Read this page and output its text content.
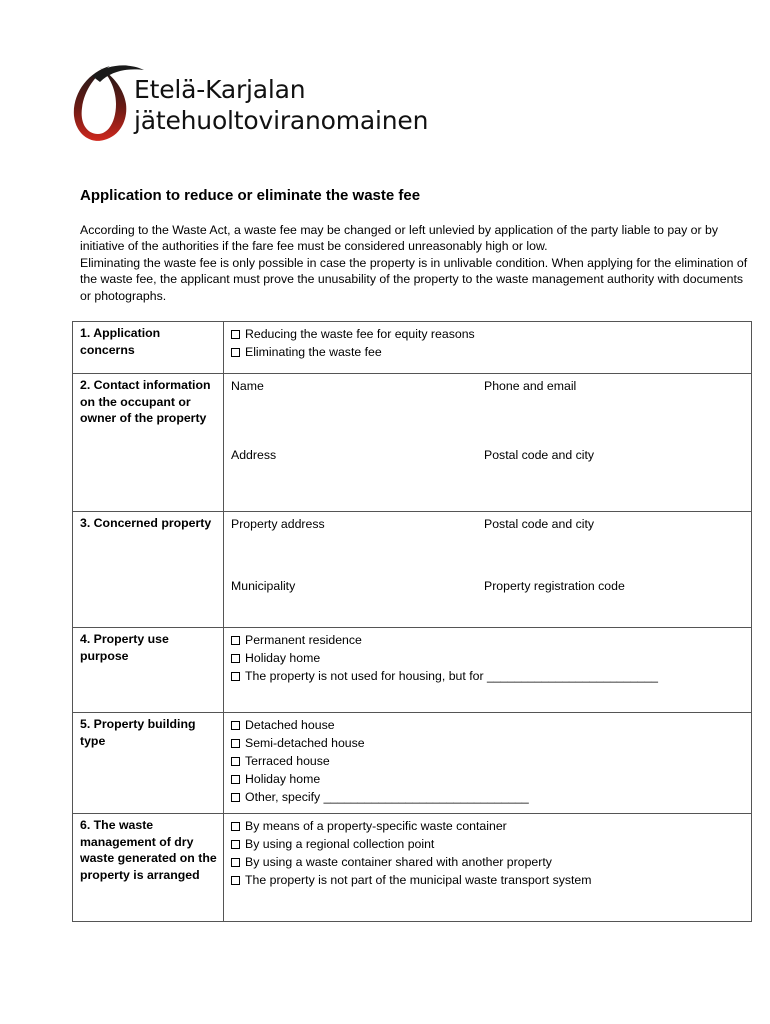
Etelä-Karjalan
jätehuoltoviranomainen
Application to reduce or eliminate the waste fee

According to the Waste Act, a waste fee may be changed or left unlevied by application of the party liable to pay or by initiative of the authorities if the fare fee must be considered unreasonably high or low.

Eliminating the waste fee is only possible in case the property is in unlivable condition. When applying for the elimination of the waste fee, the applicant must prove the unusability of the property to the waste management authority with documents or photographs.

1. Application concerns	Reducing the waste fee for equity reasons
Eliminating the waste fee

2. Contact information on the occupant or owner of the property	Name Phone and email
Address Postal code and city

3. Concerned property	Property address Postal code and city
Municipality Property registration code

4. Property use purpose	Permanent residence
Holiday home
The property is not used for housing, but for _________________________

5. Property building type	Detached house
Semi-detached house
Terraced house
Holiday home
Other, specify ______________________________

6. The waste management of dry waste generated on the property is arranged	By means of a property-specific waste container
By using a regional collection point
By using a waste container shared with another property
The property is not part of the municipal waste transport system
